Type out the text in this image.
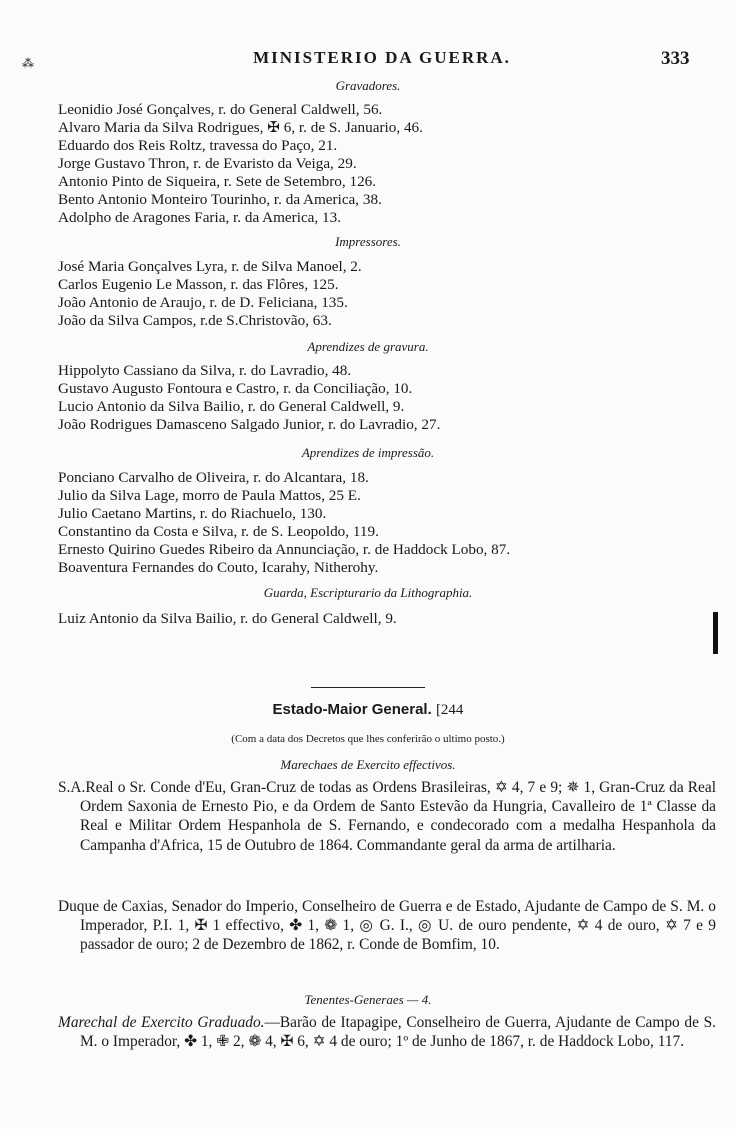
⁂	MINISTERIO DA GUERRA.	333
Gravadores.
Leonidio José Gonçalves, r. do General Caldwell, 56.
Alvaro Maria da Silva Rodrigues, ✠ 6, r. de S. Januario, 46.
Eduardo dos Reis Roltz, travessa do Paço, 21.
Jorge Gustavo Thron, r. de Evaristo da Veiga, 29.
Antonio Pinto de Siqueira, r. Sete de Setembro, 126.
Bento Antonio Monteiro Tourinho, r. da America, 38.
Adolpho de Aragones Faria, r. da America, 13.
Impressores.
José Maria Gonçalves Lyra, r. de Silva Manoel, 2.
Carlos Eugenio Le Masson, r. das Flôres, 125.
João Antonio de Araujo, r. de D. Feliciana, 135.
João da Silva Campos, r.de S.Christovão, 63.
Aprendizes de gravura.
Hippolyto Cassiano da Silva, r. do Lavradio, 48.
Gustavo Augusto Fontoura e Castro, r. da Conciliação, 10.
Lucio Antonio da Silva Bailio, r. do General Caldwell, 9.
João Rodrigues Damasceno Salgado Junior, r. do Lavradio, 27.
Aprendizes de impressão.
Ponciano Carvalho de Oliveira, r. do Alcantara, 18.
Julio da Silva Lage, morro de Paula Mattos, 25 E.
Julio Caetano Martins, r. do Riachuelo, 130.
Constantino da Costa e Silva, r. de S. Leopoldo, 119.
Ernesto Quirino Guedes Ribeiro da Annunciação, r. de Haddock Lobo, 87.
Boaventura Fernandes do Couto, Icarahy, Nitherohy.
Guarda, Escripturario da Lithographia.
Luiz Antonio da Silva Bailio, r. do General Caldwell, 9.
Estado-Maior General. [244
(Com a data dos Decretos que lhes conferirão o ultimo posto.)
Marechaes de Exercito effectivos.

S.A.Real o Sr. Conde d'Eu, Gran-Cruz de todas as Ordens Brasileiras, ✡ 4, 7 e 9; ✵ 1, Gran-Cruz da Real Ordem Saxonia de Ernesto Pio, e da Ordem de Santo Estevão da Hungria, Cavalleiro de 1ª Classe da Real e Militar Ordem Hespanhola de S. Fernando, e condecorado com a medalha Hespanhola da Campanha d'Africa, 15 de Outubro de 1864. Commandante geral da arma de artilharia.

Duque de Caxias, Senador do Imperio, Conselheiro de Guerra e de Estado, Ajudante de Campo de S. M. o Imperador, P.I. 1, ✠ 1 effectivo, ✤ 1, ❁ 1, ◎ G. I., ◎ U. de ouro pendente, ✡ 4 de ouro, ✡ 7 e 9 passador de ouro; 2 de Dezembro de 1862, r. Conde de Bomfim, 10.

Tenentes-Generaes — 4.

Marechal de Exercito Graduado.—Barão de Itapagipe, Conselheiro de Guerra, Ajudante de Campo de S. M. o Imperador, ✤ 1, ✙ 2, ❁ 4, ✠ 6, ✡ 4 de ouro; 1º de Junho de 1867, r. de Haddock Lobo, 117.
